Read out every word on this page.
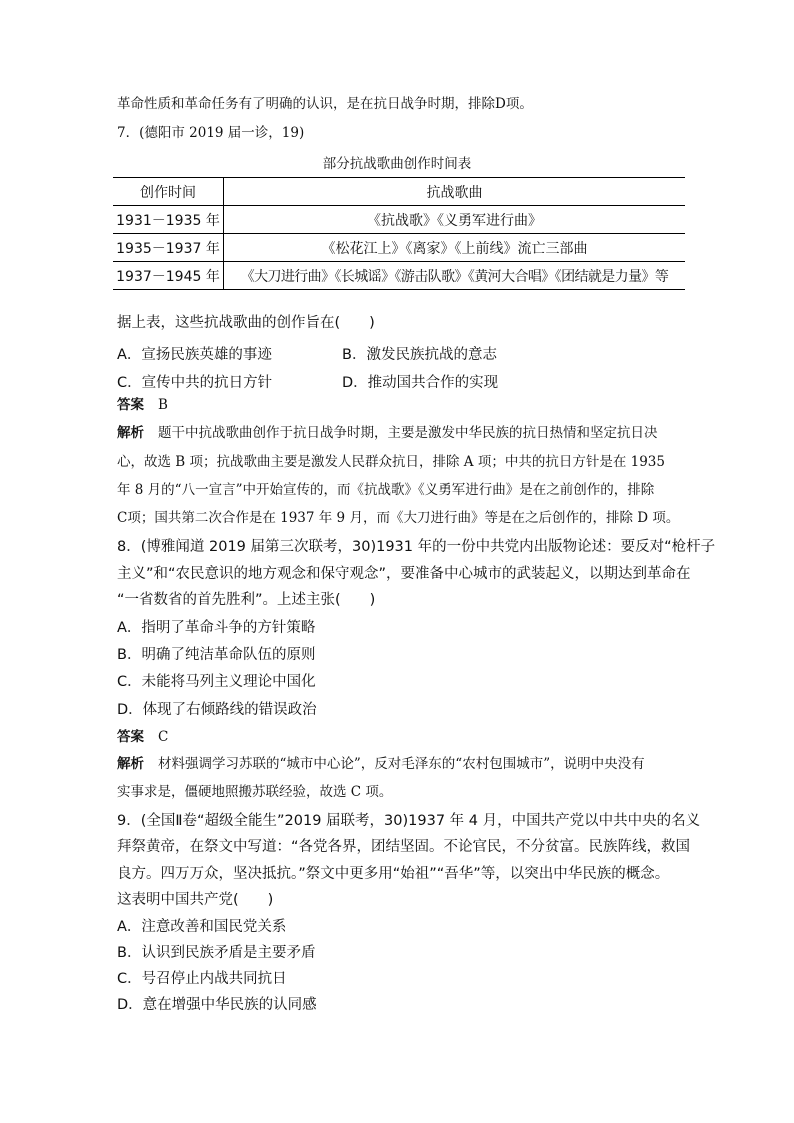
革命性质和革命任务有了明确的认识，是在抗日战争时期，排除D项。
7．(德阳市 2019 届一诊，19)
部分抗战歌曲创作时间表
创作时间	抗战歌曲
1931－1935 年	《抗战歌》《义勇军进行曲》
1935－1937 年	《松花江上》《离家》《上前线》流亡三部曲
1937－1945 年	《大刀进行曲》《长城谣》《游击队歌》《黄河大合唱》《团结就是力量》等
据上表，这些抗战歌曲的创作旨在(　　)
A．宣扬民族英雄的事迹	B．激发民族抗战的意志
C．宣传中共的抗日方针	D．推动国共合作的实现
答案 B
解析 题干中抗战歌曲创作于抗日战争时期，主要是激发中华民族的抗日热情和坚定抗日决
心，故选 B 项；抗战歌曲主要是激发人民群众抗日，排除 A 项；中共的抗日方针是在 1935
年 8 月的“八一宣言”中开始宣传的，而《抗战歌》《义勇军进行曲》是在之前创作的，排除
C项；国共第二次合作是在 1937 年 9 月，而《大刀进行曲》等是在之后创作的，排除 D 项。
8．(博雅闻道 2019 届第三次联考，30)1931 年的一份中共党内出版物论述：要反对“枪杆子
主义”和“农民意识的地方观念和保守观念”，要准备中心城市的武装起义，以期达到革命在
“一省数省的首先胜利”。上述主张(　　)
A．指明了革命斗争的方针策略
B．明确了纯洁革命队伍的原则
C．未能将马列主义理论中国化
D．体现了右倾路线的错误政治
答案 C
解析 材料强调学习苏联的“城市中心论”，反对毛泽东的“农村包围城市”，说明中央没有
实事求是，僵硬地照搬苏联经验，故选 C 项。
9．(全国Ⅱ卷“超级全能生”2019 届联考，30)1937 年 4 月，中国共产党以中共中央的名义
拜祭黄帝，在祭文中写道：“各党各界，团结坚固。不论官民，不分贫富。民族阵线，救国
良方。四万万众，坚决抵抗。”祭文中更多用“始祖”“吾华”等，以突出中华民族的概念。
这表明中国共产党(　　)
A．注意改善和国民党关系
B．认识到民族矛盾是主要矛盾
C．号召停止内战共同抗日
D．意在增强中华民族的认同感
